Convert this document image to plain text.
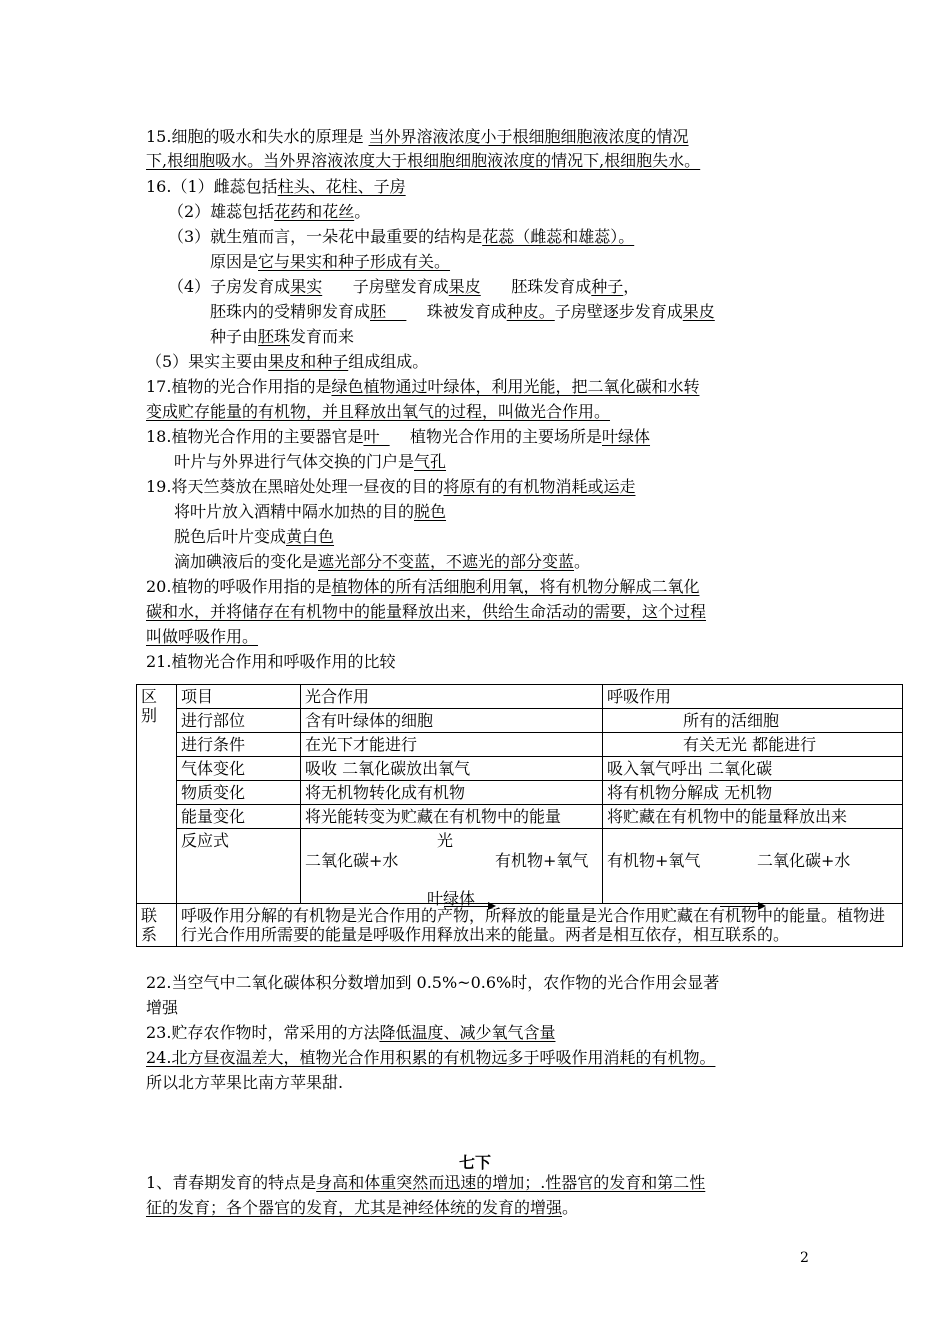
15.细胞的吸水和失水的原理是 当外界溶液浓度小于根细胞细胞液浓度的情况
下,根细胞吸水。当外界溶液浓度大于根细胞细胞液浓度的情况下,根细胞失水。
16.（1）雌蕊包括柱头、花柱、子房
（2）雄蕊包括花药和花丝。
（3）就生殖而言，一朵花中最重要的结构是花蕊（雌蕊和雄蕊）。
原因是它与果实和种子形成有关。
（4）子房发育成果实      子房壁发育成果皮      胚珠发育成种子，
胚珠内的受精卵发育成胚        珠被发育成种皮。子房壁逐步发育成果皮
种子由胚珠发育而来
（5）果实主要由果皮和种子组成组成。
17.植物的光合作用指的是绿色植物通过叶绿体，利用光能，把二氧化碳和水转
变成贮存能量的有机物，并且释放出氧气的过程，叫做光合作用。
18.植物光合作用的主要器官是叶      植物光合作用的主要场所是叶绿体
叶片与外界进行气体交换的门户是气孔
19.将天竺葵放在黑暗处处理一昼夜的目的将原有的有机物消耗或运走
将叶片放入酒精中隔水加热的目的脱色
脱色后叶片变成黄白色
滴加碘液后的变化是遮光部分不变蓝，不遮光的部分变蓝。
20.植物的呼吸作用指的是植物体的所有活细胞利用氧，将有机物分解成二氧化
碳和水，并将储存在有机物中的能量释放出来，供给生命活动的需要，这个过程
叫做呼吸作用。
21.植物光合作用和呼吸作用的比较
区别	项目	光合作用	呼吸作用
	进行部位	含有叶绿体的细胞	所有的活细胞
	进行条件	在光下才能进行	有关无光 都能进行
	气体变化	吸收 二氧化碳放出氧气	吸入氧气呼出 二氧化碳
	物质变化	将无机物转化成有机物	将有机物分解成 无机物
	能量变化	将光能转变为贮藏在有机物中的能量	将贮藏在有机物中的能量释放出来
	反应式	光
二氧化碳+水 有机物+氧气
叶绿体	有机物+氧气 二氧化碳+水

联系	呼吸作用分解的有机物是光合作用的产物，所释放的能量是光合作用贮藏在有机物中的能量。植物进行光合作用所需要的能量是呼吸作用释放出来的能量。两者是相互依存，相互联系的。		
22.当空气中二氧化碳体积分数增加到 0.5%~0.6%时，农作物的光合作用会显著
增强
23.贮存农作物时，常采用的方法降低温度、减少氧气含量
24.北方昼夜温差大，植物光合作用积累的有机物远多于呼吸作用消耗的有机物。
所以北方苹果比南方苹果甜.
七下
1、青春期发育的特点是身高和体重突然而迅速的增加；.性器官的发育和第二性
征的发育；各个器官的发育，尤其是神经体统的发育的增强。
2
